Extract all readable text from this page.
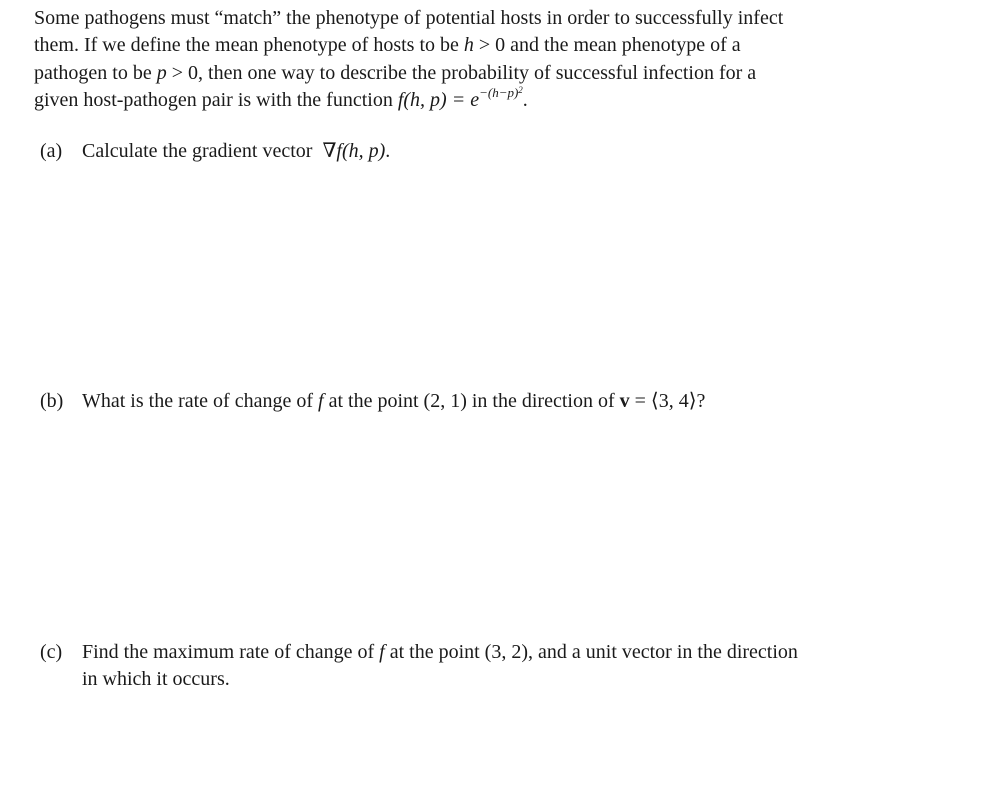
Some pathogens must “match” the phenotype of potential hosts in order to successfully infect
them. If we define the mean phenotype of hosts to be h > 0 and the mean phenotype of a
pathogen to be p > 0, then one way to describe the probability of successful infection for a
given host-pathogen pair is with the function f(h, $p) = e^{-(h-p)^2}$.
(a) Calculate the gradient vector  ∇f(h, p).
(b) What is the rate of change of f at the point (2, 1) in the direction of v = ⟨3, 4⟩?
(c) Find the maximum rate of change of f at the point (3, 2), and a unit vector in the direction
in which it occurs.
